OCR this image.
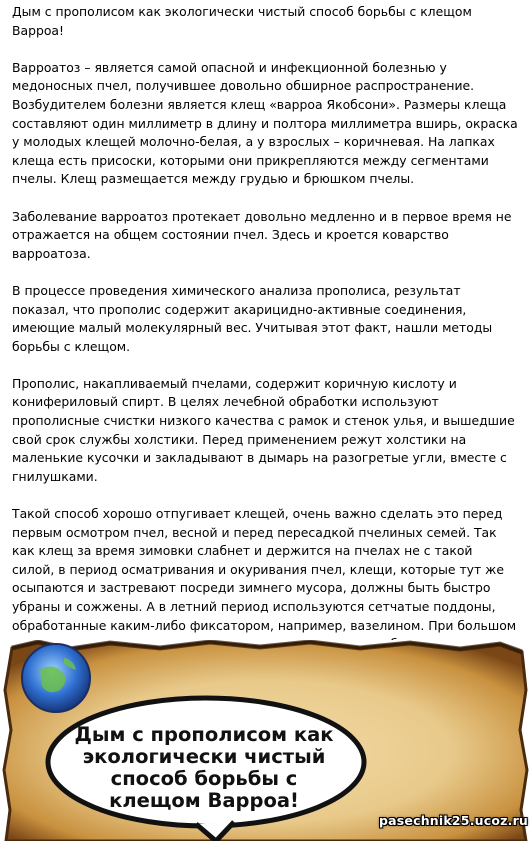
Дым с прополисом как экологически чистый способ борьбы с клещом Варроа!

Варроатоз – является самой опасной и инфекционной болезнью у медоносных пчел, получившее довольно обширное распространение. Возбудителем болезни является клещ «варроа Якобсони». Размеры клеща составляют один миллиметр в длину и полтора миллиметра вширь, окраска у молодых клещей молочно-белая, а у взрослых – коричневая. На лапках клеща есть присоски, которыми они прикрепляются между сегментами пчелы. Клещ размещается между грудью и брюшком пчелы.

Заболевание варроатоз протекает довольно медленно и в первое время не отражается на общем состоянии пчел. Здесь и кроется коварство варроатоза.

В процессе проведения химического анализа прополиса, результат показал, что прополис содержит акарицидно-активные соединения, имеющие малый молекулярный вес. Учитывая этот факт, нашли методы борьбы с клещом.

Прополис, накапливаемый пчелами, содержит коричную кислоту и конифериловый спирт. В целях лечебной обработки используют прополисные счистки низкого качества с рамок и стенок улья, и вышедшие свой срок службы холстики. Перед применением режут холстики на маленькие кусочки и закладывают в дымарь на разогретые угли, вместе с гнилушками.

Такой способ хорошо отпугивает клещей, очень важно сделать это перед первым осмотром пчел, весной и перед пересадкой пчелиных семей. Так как клещ за время зимовки слабнет и держится на пчелах не с такой силой, в период осматривания и окуривания пчел, клещи, которые тут же осыпаются и застревают посреди зимнего мусора, должны быть быстро убраны и сожжены. А в летний период используются сетчатые поддоны, обработанные каким-либо фиксатором, например, вазелином. При большом

Дым с прополисом как экологически чистый способ борьбы с клещом Варроа!
pasechnik25.ucoz.ru
